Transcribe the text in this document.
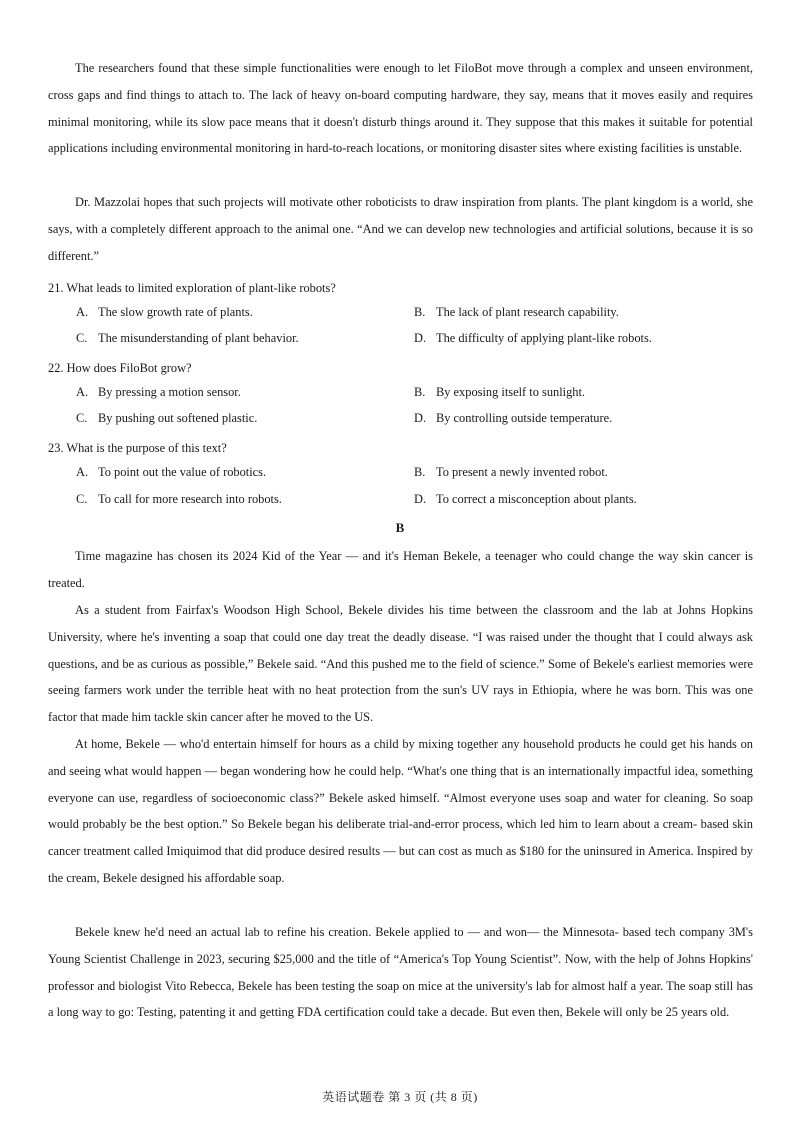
The researchers found that these simple functionalities were enough to let FiloBot move through a complex and unseen environment, cross gaps and find things to attach to. The lack of heavy on-board computing hardware, they say, means that it moves easily and requires minimal monitoring, while its slow pace means that it doesn't disturb things around it. They suppose that this makes it suitable for potential applications including environmental monitoring in hard-to-reach locations, or monitoring disaster sites where existing facilities is unstable.

Dr. Mazzolai hopes that such projects will motivate other roboticists to draw inspiration from plants. The plant kingdom is a world, she says, with a completely different approach to the animal one. “And we can develop new technologies and artificial solutions, because it is so different.”

21. What leads to limited exploration of plant-like robots?

A. The slow growth rate of plants.	B. The lack of plant research capability.

C. The misunderstanding of plant behavior.	D. The difficulty of applying plant-like robots.

22. How does FiloBot grow?

A. By pressing a motion sensor.	B. By exposing itself to sunlight.

C. By pushing out softened plastic.	D. By controlling outside temperature.

23. What is the purpose of this text?

A. To point out the value of robotics.	B. To present a newly invented robot.

C. To call for more research into robots.	D. To correct a misconception about plants.

B

Time magazine has chosen its 2024 Kid of the Year — and it's Heman Bekele, a teenager who could change the way skin cancer is treated.

As a student from Fairfax's Woodson High School, Bekele divides his time between the classroom and the lab at Johns Hopkins University, where he's inventing a soap that could one day treat the deadly disease. “I was raised under the thought that I could always ask questions, and be as curious as possible,” Bekele said. “And this pushed me to the field of science.” Some of Bekele's earliest memories were seeing farmers work under the terrible heat with no heat protection from the sun's UV rays in Ethiopia, where he was born. This was one factor that made him tackle skin cancer after he moved to the US.

At home, Bekele — who'd entertain himself for hours as a child by mixing together any household products he could get his hands on and seeing what would happen — began wondering how he could help. “What's one thing that is an internationally impactful idea, something everyone can use, regardless of socioeconomic class?” Bekele asked himself. “Almost everyone uses soap and water for cleaning. So soap would probably be the best option.” So Bekele began his deliberate trial-and-error process, which led him to learn about a cream- based skin cancer treatment called Imiquimod that did produce desired results — but can cost as much as $180 for the uninsured in America. Inspired by the cream, Bekele designed his affordable soap.

Bekele knew he'd need an actual lab to refine his creation. Bekele applied to — and won— the Minnesota- based tech company 3M's Young Scientist Challenge in 2023, securing $25,000 and the title of “America's Top Young Scientist”. Now, with the help of Johns Hopkins' professor and biologist Vito Rebecca, Bekele has been testing the soap on mice at the university's lab for almost half a year. The soap still has a long way to go: Testing, patenting it and getting FDA certification could take a decade. But even then, Bekele will only be 25 years old.

英语试题卷 第 3 页 (共 8 页)
